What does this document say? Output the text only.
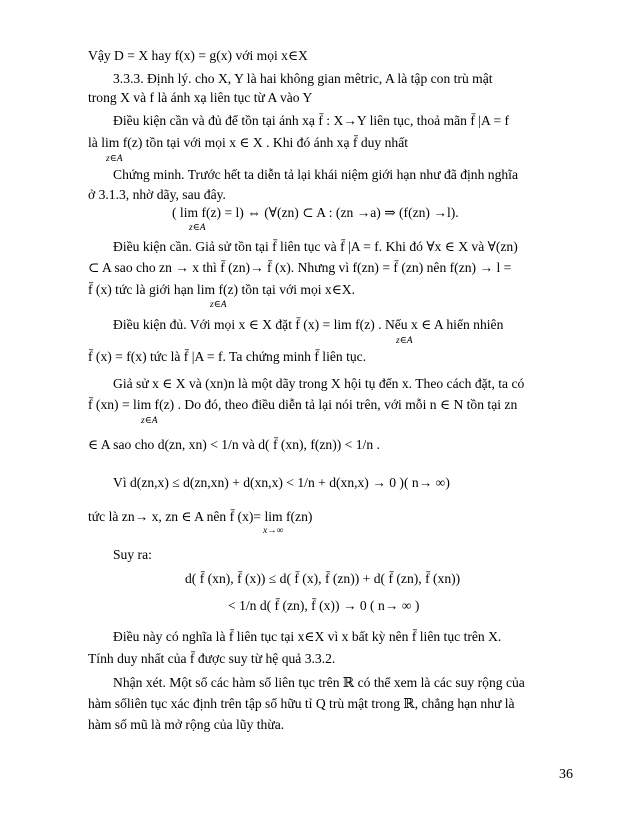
Vậy D = X hay f(x) = g(x) với mọi x∈X
3.3.3. Định lý. cho X, Y là hai không gian mêtric, A là tập con trù mật
trong X và f là ánh xạ liên tục từ A vào Y
Điều kiện cần và đủ để tồn tại ánh xạ f̄ : X→Y liên tục, thoả mãn f̄ |A = f
là lim f(z) tồn tại với mọi x ∈ X . Khi đó ánh xạ f̄ duy nhất
z∈A
Chứng minh. Trước hết ta diễn tả lại khái niệm giới hạn như đã định nghĩa
ở 3.1.3, nhờ dãy, sau đây.
( lim f(z) = l) ⇔ (∀(zn) ⊂ A : (zn →a) ⇒ (f(zn) →l).
z∈A
Điều kiện cần. Giả sử tồn tại f̄ liên tục và f̄ |A = f. Khi đó ∀x ∈ X và ∀(zn)
⊂ A sao cho zn → x thì f̄ (zn)→ f̄ (x). Nhưng vì f(zn) = f̄ (zn) nên f(zn) → l =
f̄ (x) tức là giới hạn lim f(z) tồn tại với mọi x∈X.
z∈A
Điều kiện đủ. Với mọi x ∈ X đặt f̄ (x) = lim f(z) . Nếu x ∈ A hiển nhiên
z∈A
f̄ (x) = f(x) tức là f̄ |A = f. Ta chứng minh f̄ liên tục.
Giả sử x ∈ X và (xn)n là một dãy trong X hội tụ đến x. Theo cách đặt, ta có
f̄ (xn) = lim f(z) . Do đó, theo điều diễn tả lại nói trên, với mỗi n ∈ N tồn tại zn
z∈A
∈ A sao cho d(zn, xn) < 1/n và d( f̄ (xn), f(zn)) < 1/n .
Vì d(zn,x) ≤ d(zn,xn) + d(xn,x) < 1/n + d(xn,x) → 0 )( n→ ∞)
tức là zn→ x, zn ∈ A nên f̄ (x)= lim f(zn)
x→∞
Suy ra:
d( f̄ (xn), f̄ (x)) ≤ d( f̄ (x), f̄ (zn)) + d( f̄ (zn), f̄ (xn))
< 1/n d( f̄ (zn), f̄ (x)) → 0 ( n→ ∞ )
Điều này có nghĩa là f̄ liên tục tại x∈X vì x bất kỳ nên f̄ liên tục trên X.
Tính duy nhất của f̄ được suy từ hệ quả 3.3.2.
Nhận xét. Một số các hàm số liên tục trên ℝ có thể xem là các suy rộng của
hàm sốliên tục xác định trên tập số hữu tỉ Q trù mật trong ℝ, chẳng hạn như là
hàm số mũ là mở rộng của lũy thừa.
36
